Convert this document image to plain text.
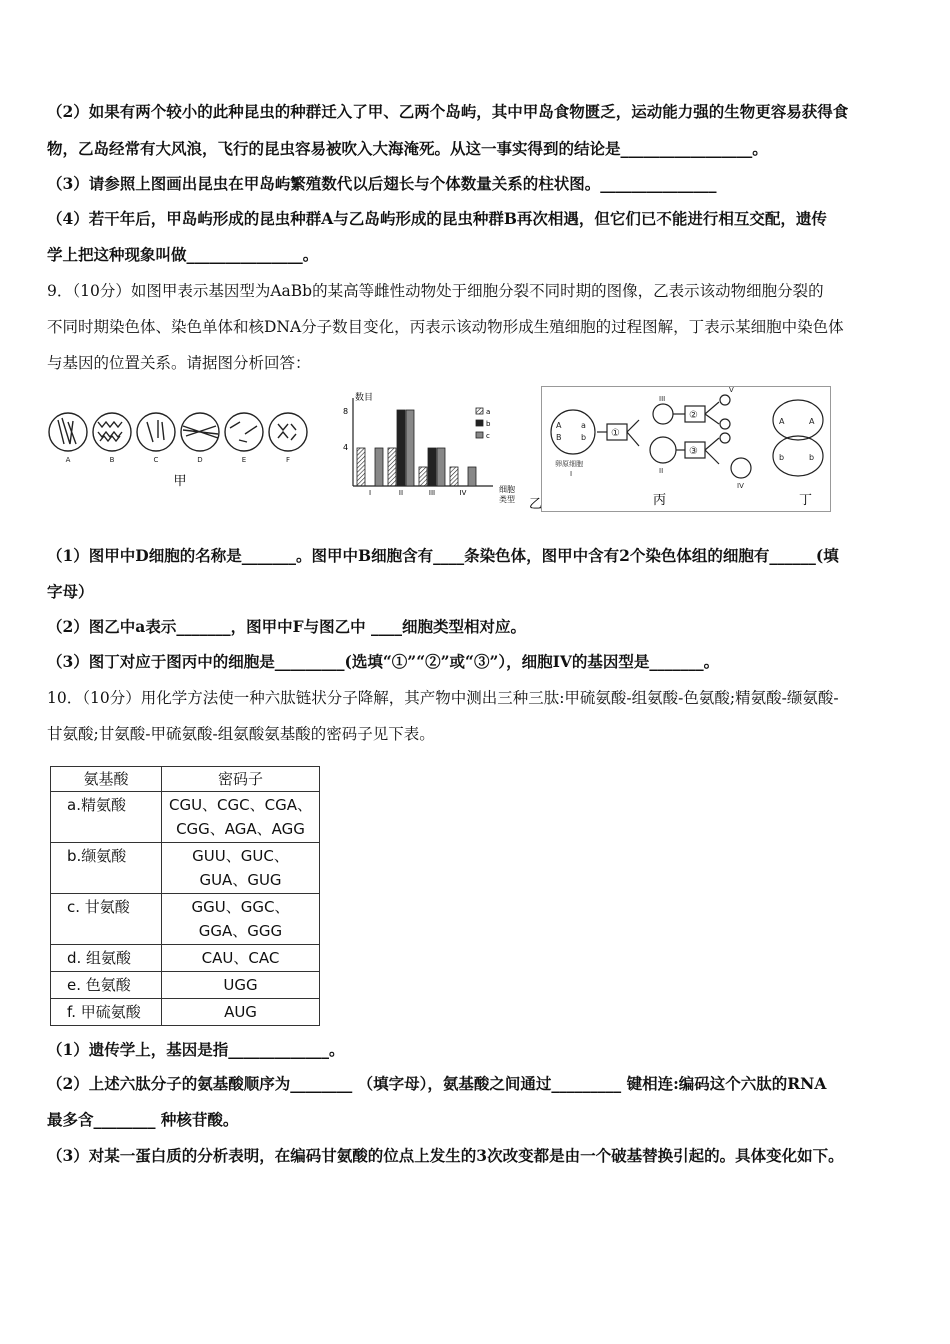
（2）如果有两个较小的此种昆虫的种群迁入了甲、乙两个岛屿，其中甲岛食物匮乏，运动能力强的生物更容易获得食
物，乙岛经常有大风浪，飞行的昆虫容易被吹入大海淹死。从这一事实得到的结论是_________________。
（3）请参照上图画出昆虫在甲岛屿繁殖数代以后翅长与个体数量关系的柱状图。_______________
（4）若干年后，甲岛屿形成的昆虫种群A与乙岛屿形成的昆虫种群B再次相遇，但它们已不能进行相互交配，遗传
学上把这种现象叫做_______________。
9．（10分）如图甲表示基因型为AaBb的某高等雌性动物处于细胞分裂不同时期的图像，乙表示该动物细胞分裂的
不同时期染色体、染色单体和核DNA分子数目变化，丙表示该动物形成生殖细胞的过程图解，丁表示某细胞中染色体
与基因的位置关系。请据图分析回答：
A	B	C	D	E	F
甲
数目
8
4
I	II	III	IV	细胞
类型
a
b
c
乙
A
B
a
b
卵原细胞
I
①
②
③
III
II
IV
V
A	A
b	b
丙	丁
（1）图甲中D细胞的名称是_______。图甲中B细胞含有____条染色体，图甲中含有2个染色体组的细胞有______(填
字母）
（2）图乙中a表示_______，图甲中F与图乙中 ____细胞类型相对应。
（3）图丁对应于图丙中的细胞是_________(选填“①”“②”或“③”），细胞IV的基因型是_______。
10．（10分）用化学方法使一种六肽链状分子降解，其产物中测出三种三肽:甲硫氨酸-组氨酸-色氨酸;精氨酸-缬氨酸-
甘氨酸;甘氨酸-甲硫氨酸-组氨酸氨基酸的密码子见下表。
氨基酸	密码子
a.精氨酸	CGU、CGC、CGA、
CGG、AGA、AGG
b.缬氨酸	GUU、GUC、
GUA、GUG
c. 甘氨酸	GGU、GGC、
GGA、GGG
d. 组氨酸	CAU、CAC
e. 色氨酸	UGG
f. 甲硫氨酸	AUG
（1）遗传学上，基因是指_____________。
（2）上述六肽分子的氨基酸顺序为________ （填字母），氨基酸之间通过_________ 键相连:编码这个六肽的RNA
最多含________ 种核苷酸。
（3）对某一蛋白质的分析表明，在编码甘氨酸的位点上发生的3次改变都是由一个破基替换引起的。具体变化如下。
